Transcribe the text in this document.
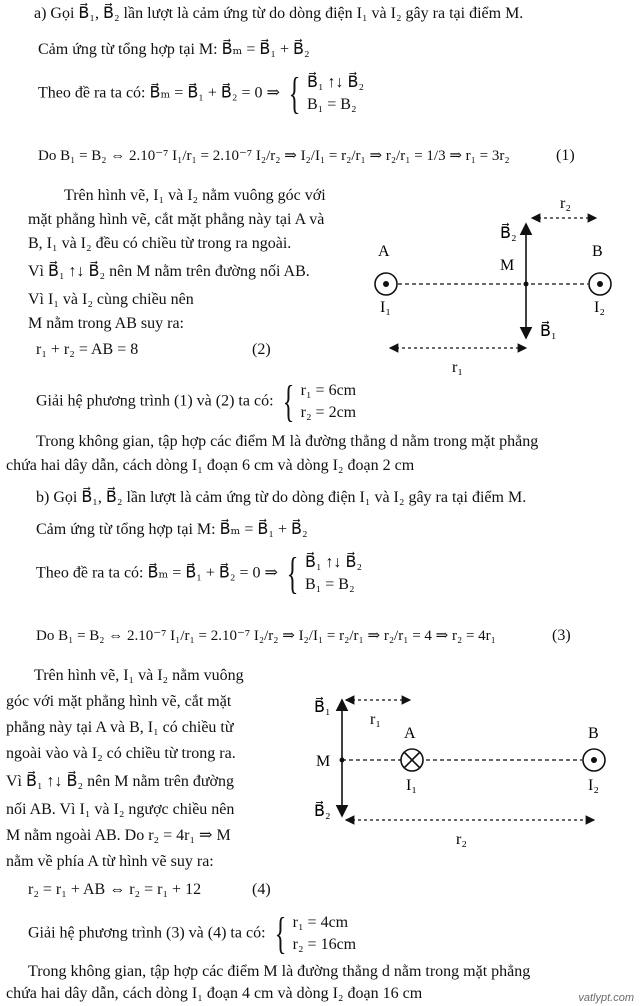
a) Gọi B⃗₁, B⃗₂ lần lượt là cảm ứng từ do dòng điện I₁ và I₂ gây ra tại điểm M.
Cảm ứng từ tổng hợp tại M: B⃗ₘ = B⃗₁ + B⃗₂
Theo đề ra ta có: B⃗ₘ = B⃗₁ + B⃗₂ = 0 ⇒ { B⃗₁ ↑↓ B⃗₂
B₁ = B₂
Do B₁ = B₂ ⇔ 2.10⁻⁷ I₁/r₁ = 2.10⁻⁷ I₂/r₂ ⇒ I₂/I₁ = r₂/r₁ ⇒ r₂/r₁ = 1/3 ⇒ r₁ = 3r₂	(1)
Trên hình vẽ, I₁ và I₂ nằm vuông góc với
mặt phẳng hình vẽ, cắt mặt phẳng này tại A và
B, I₁ và I₂ đều có chiều từ trong ra ngoài.
Vì B⃗₁ ↑↓ B⃗₂ nên M nằm trên đường nối AB.
Vì I₁ và I₂ cùng chiều nên
M nằm trong AB suy ra:
r₁ + r₂ = AB = 8	(2)
r₂
B⃗₂
A	B
M
I₁	I₂
B⃗₁
r₁
Giải hệ phương trình (1) và (2) ta có: { r₁ = 6cm
r₂ = 2cm
Trong không gian, tập hợp các điểm M là đường thẳng d nằm trong mặt phẳng
chứa hai dây dẫn, cách dòng I₁ đoạn 6 cm và dòng I₂ đoạn 2 cm
b) Gọi B⃗₁, B⃗₂ lần lượt là cảm ứng từ do dòng điện I₁ và I₂ gây ra tại điểm M.
Cảm ứng từ tổng hợp tại M: B⃗ₘ = B⃗₁ + B⃗₂
Theo đề ra ta có: B⃗ₘ = B⃗₁ + B⃗₂ = 0 ⇒ { B⃗₁ ↑↓ B⃗₂
B₁ = B₂
Do B₁ = B₂ ⇔ 2.10⁻⁷ I₁/r₁ = 2.10⁻⁷ I₂/r₂ ⇒ I₂/I₁ = r₂/r₁ ⇒ r₂/r₁ = 4 ⇒ r₂ = 4r₁	(3)
Trên hình vẽ, I₁ và I₂ nằm vuông
góc với mặt phẳng hình vẽ, cắt mặt
phẳng này tại A và B, I₁ có chiều từ
ngoài vào và I₂ có chiều từ trong ra.
Vì B⃗₁ ↑↓ B⃗₂ nên M nằm trên đường
nối AB. Vì I₁ và I₂ ngược chiều nên
M nằm ngoài AB. Do r₂ = 4r₁ ⇒ M
nằm về phía A từ hình vẽ suy ra:
r₂ = r₁ + AB ⇔ r₂ = r₁ + 12	(4)
B⃗₁
r₁
A	B
M
I₁	I₂
B⃗₂
r₂
Giải hệ phương trình (3) và (4) ta có: { r₁ = 4cm
r₂ = 16cm
Trong không gian, tập hợp các điểm M là đường thẳng d nằm trong mặt phẳng
chứa hai dây dẫn, cách dòng I₁ đoạn 4 cm và dòng I₂ đoạn 16 cm	vatlypt.com
